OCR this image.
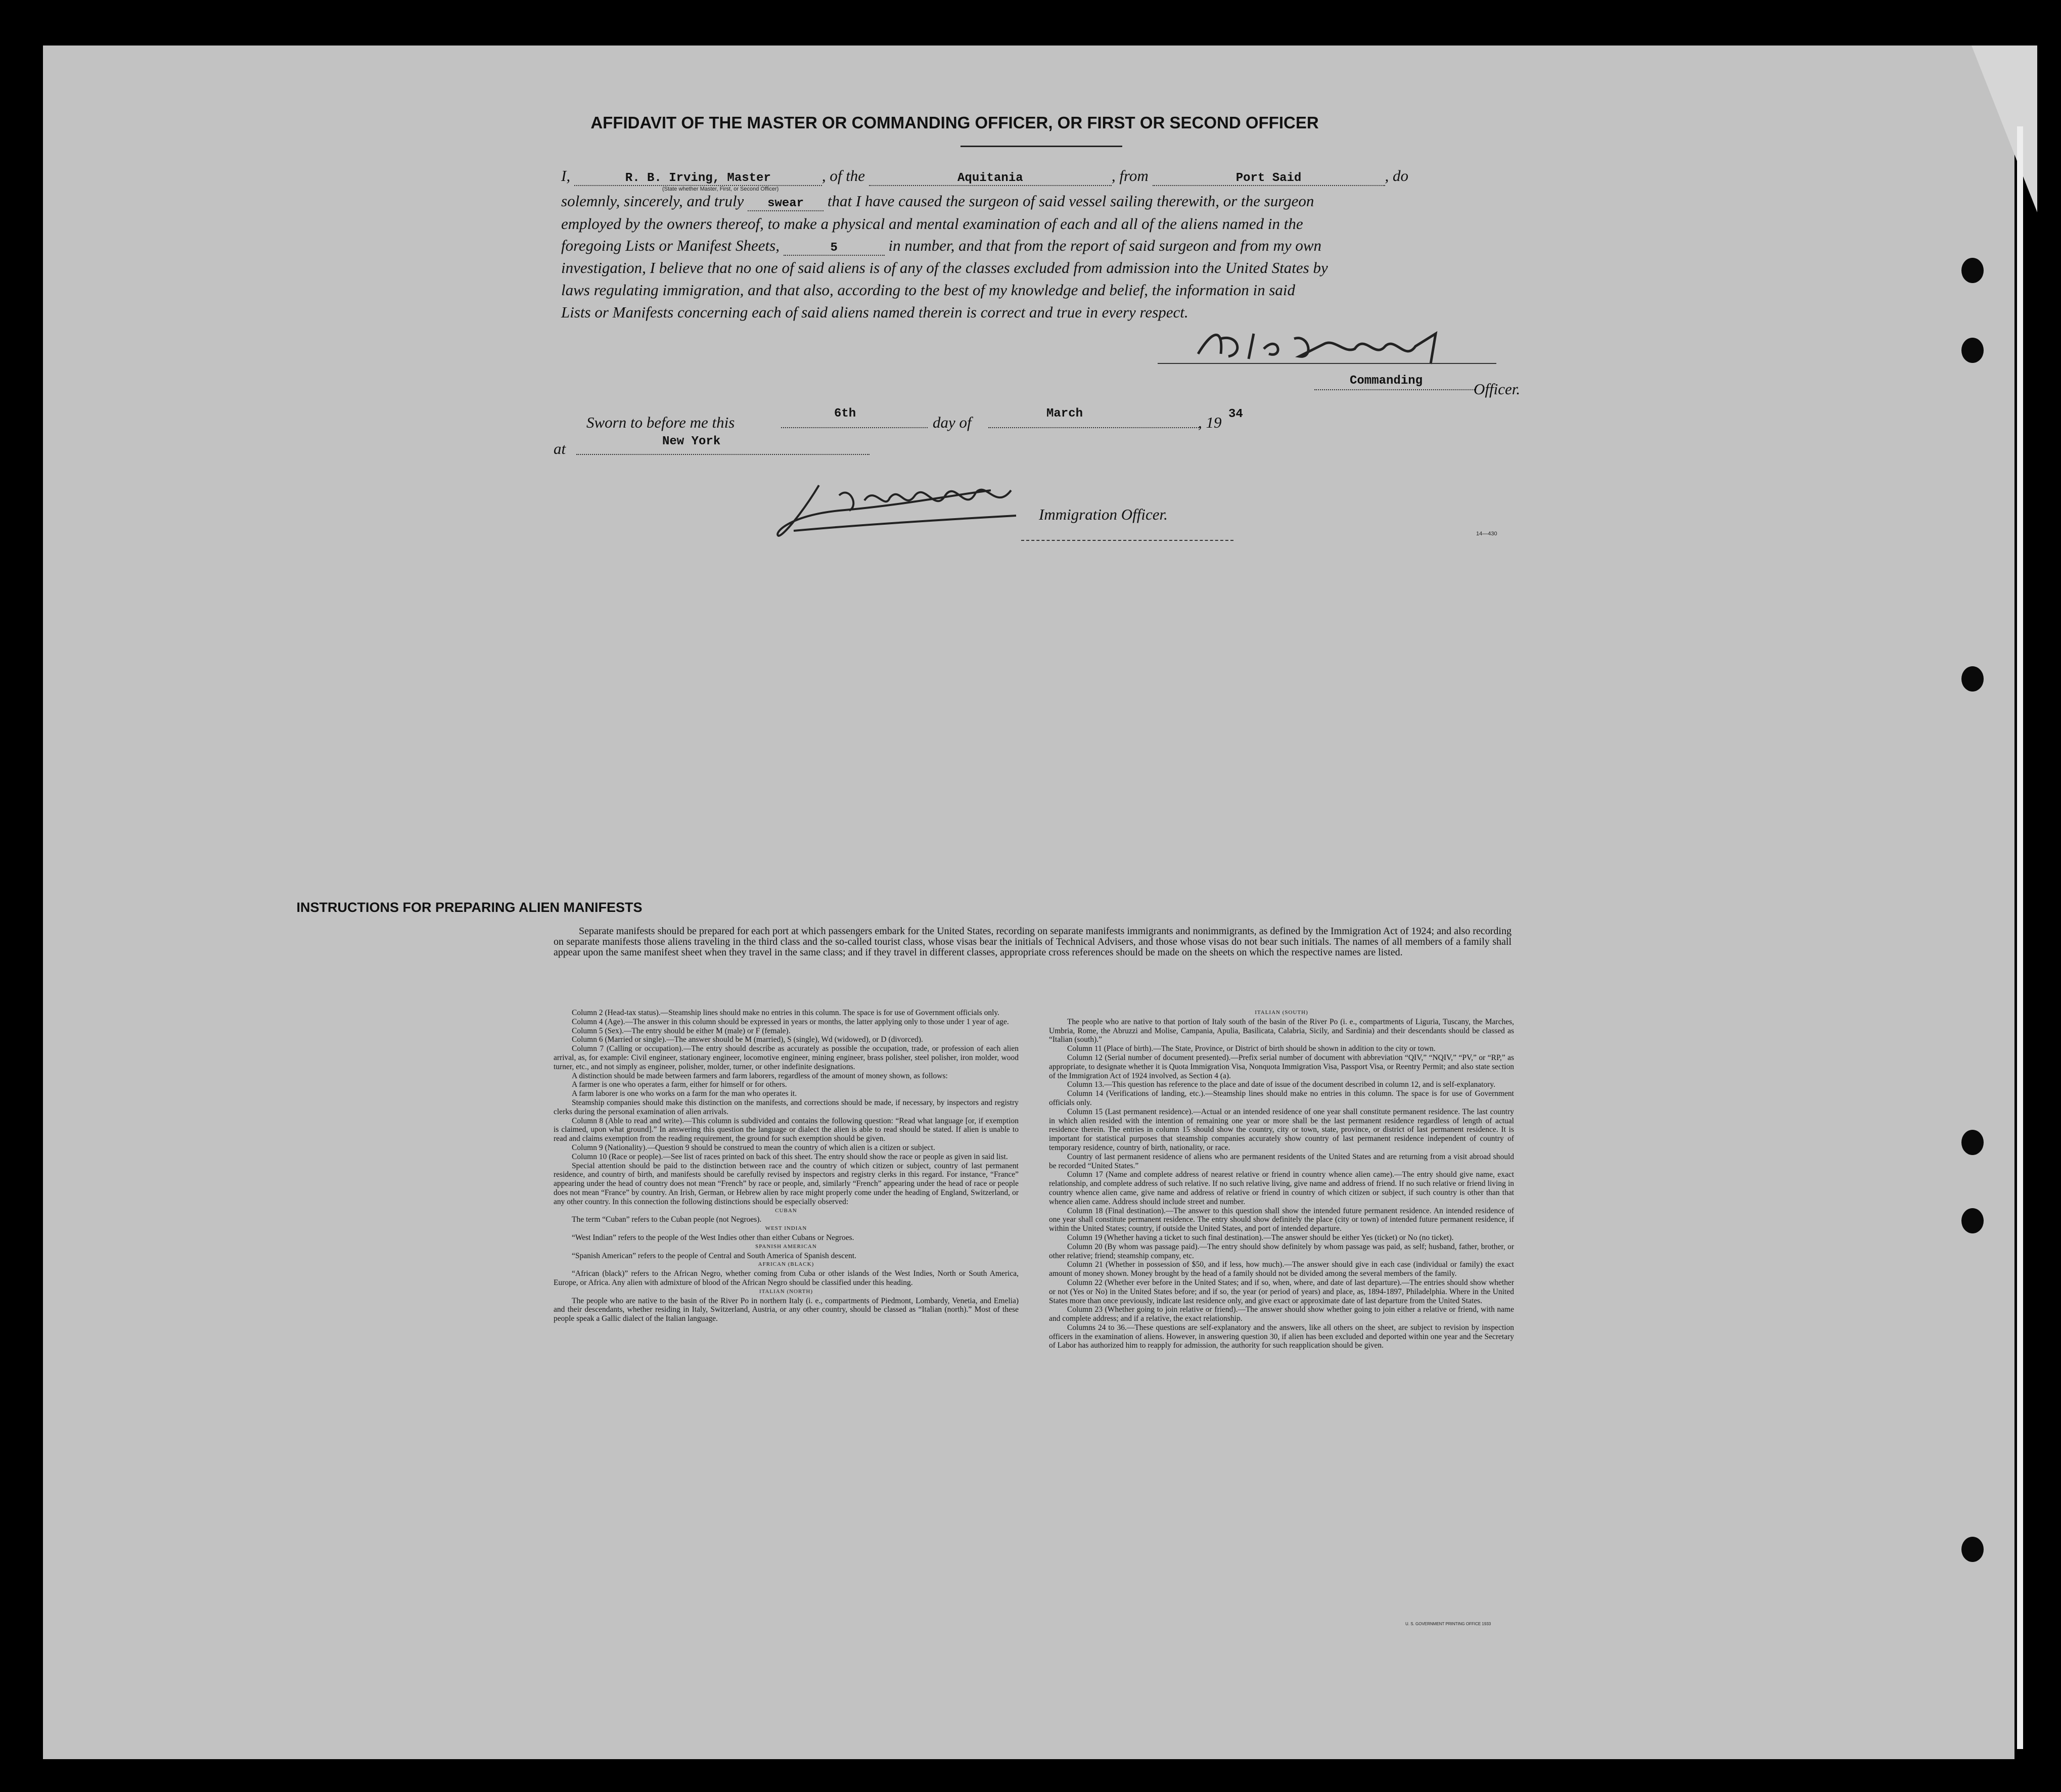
AFFIDAVIT OF THE MASTER OR COMMANDING OFFICER, OR FIRST OR SECOND OFFICER
I,	R. B. Irving, Master	, of the	Aquitania	, from	Port Said	, do
(State whether Master, First, or Second Officer)
solemnly, sincerely, and truly swear that I have caused the surgeon of said vessel sailing therewith, or the surgeon
employed by the owners thereof, to make a physical and mental examination of each and all of the aliens named in the
foregoing Lists or Manifest Sheets,	5	in number, and that from the report of said surgeon and from my own
investigation, I believe that no one of said aliens is of any of the classes excluded from admission into the United States by
laws regulating immigration, and that also, according to the best of my knowledge and belief, the information in said
Lists or Manifests concerning each of said aliens named therein is correct and true in every respect.
Commanding	Officer.
Sworn to before me this	6th	day of	March	, 19 34
at	New York
Immigration Officer.
14—430
INSTRUCTIONS FOR PREPARING ALIEN MANIFESTS
Separate manifests should be prepared for each port at which passengers embark for the United States, recording on separate manifests immigrants and nonimmigrants, as defined by the Immigration Act of 1924; and also recording on separate manifests those aliens traveling in the third class and the so-called tourist class, whose visas bear the initials of Technical Advisers, and those whose visas do not bear such initials. The names of all members of a family shall appear upon the same manifest sheet when they travel in the same class; and if they travel in different classes, appropriate cross references should be made on the sheets on which the respective names are listed.

Column 2 (Head-tax status).—Steamship lines should make no entries in this column. The space is for use of Government officials only.

Column 4 (Age).—The answer in this column should be expressed in years or months, the latter applying only to those under 1 year of age.

Column 5 (Sex).—The entry should be either M (male) or F (female).

Column 6 (Married or single).—The answer should be M (married), S (single), Wd (widowed), or D (divorced).

Column 7 (Calling or occupation).—The entry should describe as accurately as possible the occupation, trade, or profession of each alien arrival, as, for example: Civil engineer, stationary engineer, locomotive engineer, mining engineer, brass polisher, steel polisher, iron molder, wood turner, etc., and not simply as engineer, polisher, molder, turner, or other indefinite designations.

A distinction should be made between farmers and farm laborers, regardless of the amount of money shown, as follows:

A farmer is one who operates a farm, either for himself or for others.

A farm laborer is one who works on a farm for the man who operates it.

Steamship companies should make this distinction on the manifests, and corrections should be made, if necessary, by inspectors and registry clerks during the personal examination of alien arrivals.

Column 8 (Able to read and write).—This column is subdivided and contains the following question: “Read what language [or, if exemption is claimed, upon what ground].” In answering this question the language or dialect the alien is able to read should be stated. If alien is unable to read and claims exemption from the reading requirement, the ground for such exemption should be given.

Column 9 (Nationality).—Question 9 should be construed to mean the country of which alien is a citizen or subject.

Column 10 (Race or people).—See list of races printed on back of this sheet. The entry should show the race or people as given in said list.

Special attention should be paid to the distinction between race and the country of which citizen or subject, country of last permanent residence, and country of birth, and manifests should be carefully revised by inspectors and registry clerks in this regard. For instance, “France” appearing under the head of country does not mean “French” by race or people, and, similarly “French” appearing under the head of race or people does not mean “France” by country. An Irish, German, or Hebrew alien by race might properly come under the heading of England, Switzerland, or any other country. In this connection the following distinctions should be especially observed:

CUBAN

The term “Cuban” refers to the Cuban people (not Negroes).

WEST INDIAN

“West Indian” refers to the people of the West Indies other than either Cubans or Negroes.

SPANISH AMERICAN

“Spanish American” refers to the people of Central and South America of Spanish descent.

AFRICAN (BLACK)

“African (black)” refers to the African Negro, whether coming from Cuba or other islands of the West Indies, North or South America, Europe, or Africa. Any alien with admixture of blood of the African Negro should be classified under this heading.

ITALIAN (NORTH)

The people who are native to the basin of the River Po in northern Italy (i. e., compartments of Piedmont, Lombardy, Venetia, and Emelia) and their descendants, whether residing in Italy, Switzerland, Austria, or any other country, should be classed as “Italian (north).” Most of these people speak a Gallic dialect of the Italian language.

ITALIAN (SOUTH)

The people who are native to that portion of Italy south of the basin of the River Po (i. e., compartments of Liguria, Tuscany, the Marches, Umbria, Rome, the Abruzzi and Molise, Campania, Apulia, Basilicata, Calabria, Sicily, and Sardinia) and their descendants should be classed as “Italian (south).”

Column 11 (Place of birth).—The State, Province, or District of birth should be shown in addition to the city or town.

Column 12 (Serial number of document presented).—Prefix serial number of document with abbreviation “QIV,” “NQIV,” “PV,” or “RP,” as appropriate, to designate whether it is Quota Immigration Visa, Nonquota Immigration Visa, Passport Visa, or Reentry Permit; and also state section of the Immigration Act of 1924 involved, as Section 4 (a).

Column 13.—This question has reference to the place and date of issue of the document described in column 12, and is self-explanatory.

Column 14 (Verifications of landing, etc.).—Steamship lines should make no entries in this column. The space is for use of Government officials only.

Column 15 (Last permanent residence).—Actual or an intended residence of one year shall constitute permanent residence. The last country in which alien resided with the intention of remaining one year or more shall be the last permanent residence regardless of length of actual residence therein. The entries in column 15 should show the country, city or town, state, province, or district of last permanent residence. It is important for statistical purposes that steamship companies accurately show country of last permanent residence independent of country of temporary residence, country of birth, nationality, or race.

Country of last permanent residence of aliens who are permanent residents of the United States and are returning from a visit abroad should be recorded “United States.”

Column 17 (Name and complete address of nearest relative or friend in country whence alien came).—The entry should give name, exact relationship, and complete address of such relative. If no such relative living, give name and address of friend. If no such relative or friend living in country whence alien came, give name and address of relative or friend in country of which citizen or subject, if such country is other than that whence alien came. Address should include street and number.

Column 18 (Final destination).—The answer to this question shall show the intended future permanent residence. An intended residence of one year shall constitute permanent residence. The entry should show definitely the place (city or town) of intended future permanent residence, if within the United States; country, if outside the United States, and port of intended departure.

Column 19 (Whether having a ticket to such final destination).—The answer should be either Yes (ticket) or No (no ticket).

Column 20 (By whom was passage paid).—The entry should show definitely by whom passage was paid, as self; husband, father, brother, or other relative; friend; steamship company, etc.

Column 21 (Whether in possession of $50, and if less, how much).—The answer should give in each case (individual or family) the exact amount of money shown. Money brought by the head of a family should not be divided among the several members of the family.

Column 22 (Whether ever before in the United States; and if so, when, where, and date of last departure).—The entries should show whether or not (Yes or No) in the United States before; and if so, the year (or period of years) and place, as, 1894-1897, Philadelphia. Where in the United States more than once previously, indicate last residence only, and give exact or approximate date of last departure from the United States.

Column 23 (Whether going to join relative or friend).—The answer should show whether going to join either a relative or friend, with name and complete address; and if a relative, the exact relationship.

Columns 24 to 36.—These questions are self-explanatory and the answers, like all others on the sheet, are subject to revision by inspection officers in the examination of aliens. However, in answering question 30, if alien has been excluded and deported within one year and the Secretary of Labor has authorized him to reapply for admission, the authority for such reapplication should be given.

U. S. GOVERNMENT PRINTING OFFICE 1933
